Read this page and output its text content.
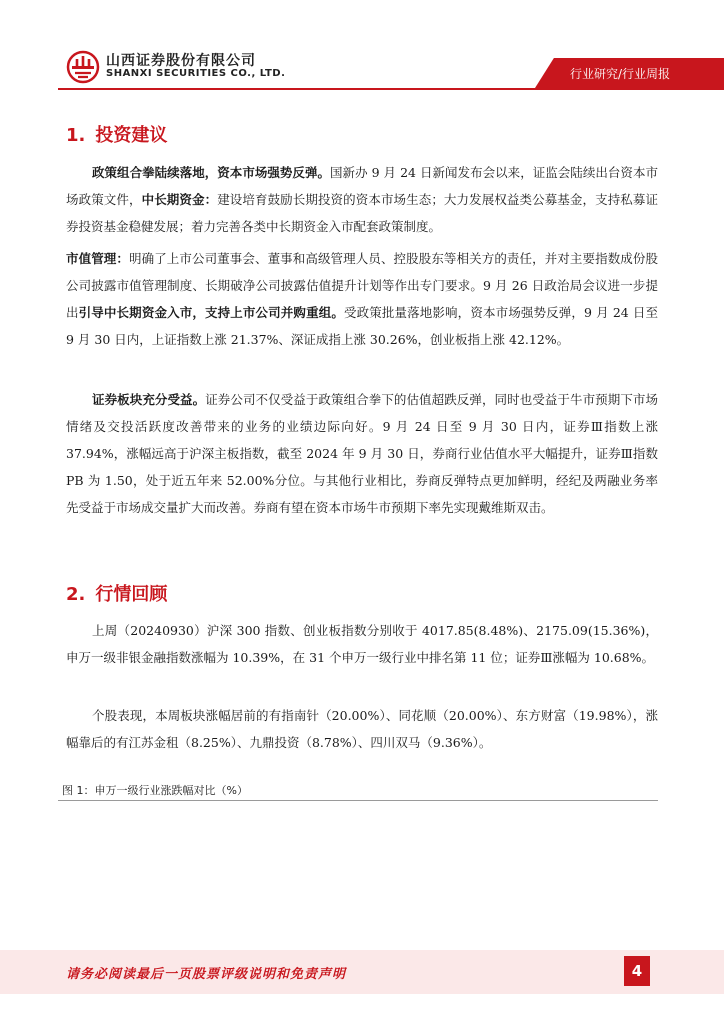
山西证券股份有限公司
SHANXI SECURITIES CO., LTD.	行业研究/行业周报
1. 投资建议

政策组合拳陆续落地，资本市场强势反弹。国新办 9 月 24 日新闻发布会以来，证监会陆续出台资本市场政策文件，中长期资金：建设培育鼓励长期投资的资本市场生态；大力发展权益类公募基金，支持私募证券投资基金稳健发展；着力完善各类中长期资金入市配套政策制度。

市值管理：明确了上市公司董事会、董事和高级管理人员、控股股东等相关方的责任，并对主要指数成份股公司披露市值管理制度、长期破净公司披露估值提升计划等作出专门要求。9 月 26 日政治局会议进一步提出引导中长期资金入市，支持上市公司并购重组。受政策批量落地影响，资本市场强势反弹，9 月 24 日至 9 月 30 日内，上证指数上涨 21.37%、深证成指上涨 30.26%，创业板指上涨 42.12%。

证券板块充分受益。证券公司不仅受益于政策组合拳下的估值超跌反弹，同时也受益于牛市预期下市场情绪及交投活跃度改善带来的业务的业绩边际向好。9 月 24 日至 9 月 30 日内，证券Ⅲ指数上涨 37.94%，涨幅远高于沪深主板指数，截至 2024 年 9 月 30 日，券商行业估值水平大幅提升，证券Ⅲ指数 PB 为 1.50，处于近五年来 52.00%分位。与其他行业相比，券商反弹特点更加鲜明，经纪及两融业务率先受益于市场成交量扩大而改善。券商有望在资本市场牛市预期下率先实现戴维斯双击。

2. 行情回顾

上周（20240930）沪深 300 指数、创业板指数分别收于 4017.85(8.48%)、2175.09(15.36%)，申万一级非银金融指数涨幅为 10.39%，在 31 个申万一级行业中排名第 11 位；证券Ⅲ涨幅为 10.68%。

个股表现，本周板块涨幅居前的有指南针（20.00%）、同花顺（20.00%）、东方财富（19.98%），涨幅靠后的有江苏金租（8.25%）、九鼎投资（8.78%）、四川双马（9.36%）。

图 1：申万一级行业涨跌幅对比（%）
请务必阅读最后一页股票评级说明和免责声明	4
